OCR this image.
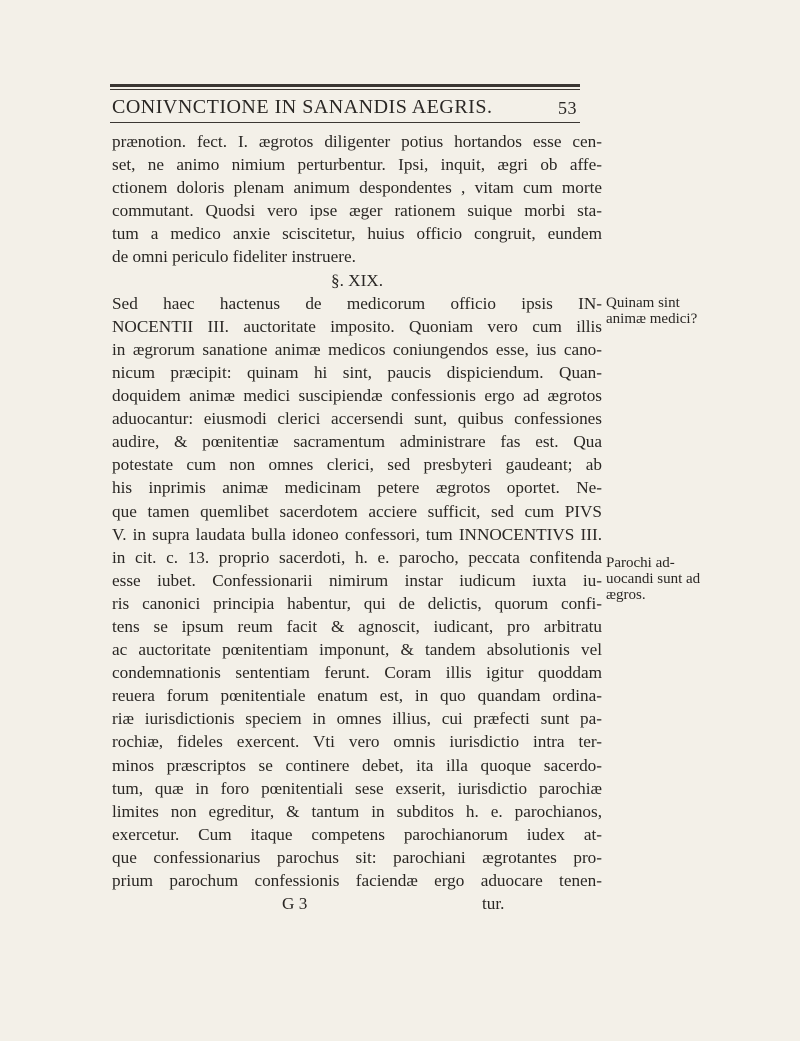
CONIVNCTIONE IN SANANDIS AEGRIS.	53
prænotion. fect. I. ægrotos diligenter potius hortandos esse cen-
set, ne animo nimium perturbentur. Ipsi, inquit, ægri ob affe-
ctionem doloris plenam animum despondentes , vitam cum morte
commutant. Quodsi vero ipse æger rationem suique morbi sta-
tum a medico anxie sciscitetur, huius officio congruit, eundem
de omni periculo fideliter instruere.
§. XIX.
Sed haec hactenus de medicorum officio ipsis IN-
NOCENTII III. auctoritate imposito. Quoniam vero cum illis
in ægrorum sanatione animæ medicos coniungendos esse, ius cano-
nicum præcipit: quinam hi sint, paucis dispiciendum. Quan-
doquidem animæ medici suscipiendæ confessionis ergo ad ægrotos
aduocantur: eiusmodi clerici accersendi sunt, quibus confessiones
audire, & pœnitentiæ sacramentum administrare fas est. Qua
potestate cum non omnes clerici, sed presbyteri gaudeant; ab
his inprimis animæ medicinam petere ægrotos oportet. Ne-
que tamen quemlibet sacerdotem acciere sufficit, sed cum PIVS
V. in supra laudata bulla idoneo confessori, tum INNOCENTIVS III.
in cit. c. 13. proprio sacerdoti, h. e. parocho, peccata confitenda
esse iubet. Confessionarii nimirum instar iudicum iuxta iu-
ris canonici principia habentur, qui de delictis, quorum confi-
tens se ipsum reum facit & agnoscit, iudicant, pro arbitratu
ac auctoritate pœnitentiam imponunt, & tandem absolutionis vel
condemnationis sententiam ferunt. Coram illis igitur quoddam
reuera forum pœnitentiale enatum est, in quo quandam ordina-
riæ iurisdictionis speciem in omnes illius, cui præfecti sunt pa-
rochiæ, fideles exercent. Vti vero omnis iurisdictio intra ter-
minos præscriptos se continere debet, ita illa quoque sacerdo-
tum, quæ in foro pœnitentiali sese exserit, iurisdictio parochiæ
limites non egreditur, & tantum in subditos h. e. parochianos,
exercetur. Cum itaque competens parochianorum iudex at-
que confessionarius parochus sit: parochiani ægrotantes pro-
prium parochum confessionis faciendæ ergo aduocare tenen-
G 3	tur.
Quinam sint animæ medici?
Parochi ad-uocandi sunt ad ægros.
